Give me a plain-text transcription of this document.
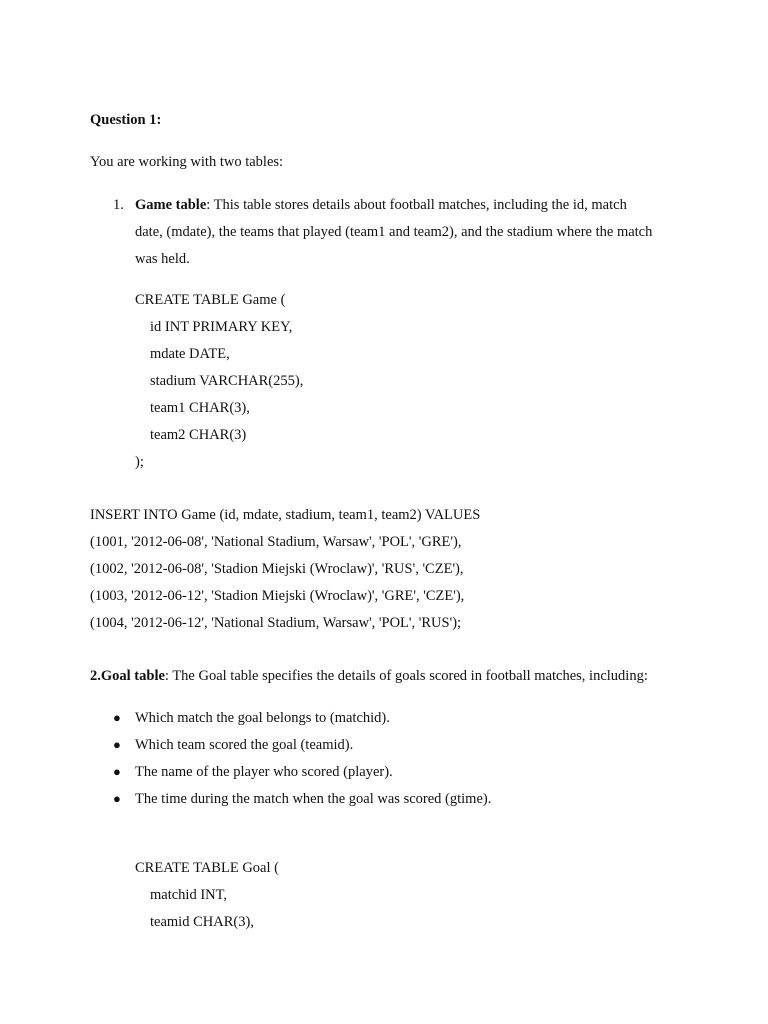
Question 1:
You are working with two tables:
1. Game table: This table stores details about football matches, including the id, match
date, (mdate), the teams that played (team1 and team2), and the stadium where the match
was held.
CREATE TABLE Game (
id INT PRIMARY KEY,
mdate DATE,
stadium VARCHAR(255),
team1 CHAR(3),
team2 CHAR(3)
);
INSERT INTO Game (id, mdate, stadium, team1, team2) VALUES
(1001, '2012-06-08', 'National Stadium, Warsaw', 'POL', 'GRE'),
(1002, '2012-06-08', 'Stadion Miejski (Wroclaw)', 'RUS', 'CZE'),
(1003, '2012-06-12', 'Stadion Miejski (Wroclaw)', 'GRE', 'CZE'),
(1004, '2012-06-12', 'National Stadium, Warsaw', 'POL', 'RUS');
2.Goal table: The Goal table specifies the details of goals scored in football matches, including:
● Which match the goal belongs to (matchid).
● Which team scored the goal (teamid).
● The name of the player who scored (player).
● The time during the match when the goal was scored (gtime).
CREATE TABLE Goal (
matchid INT,
teamid CHAR(3),
